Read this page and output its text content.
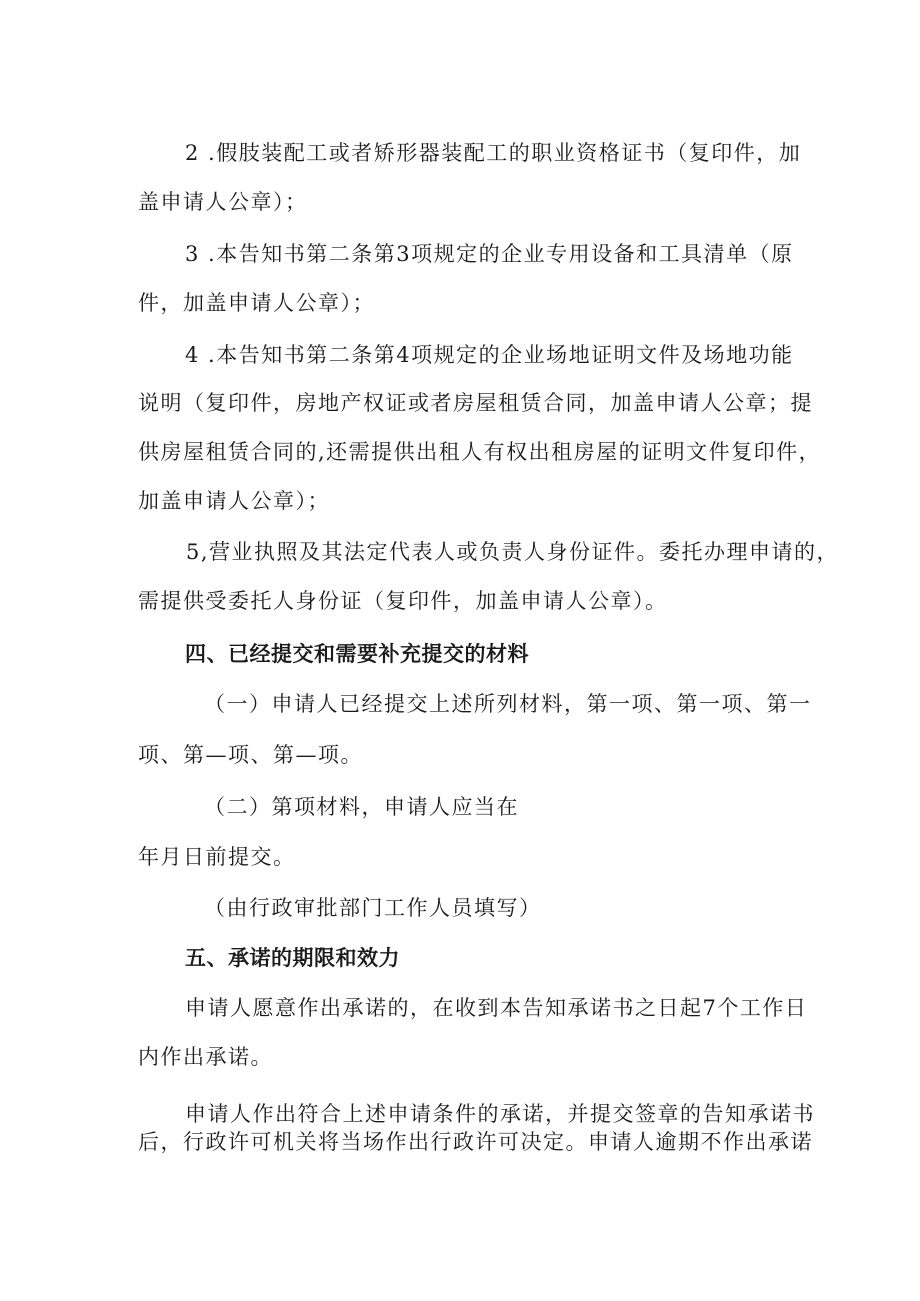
2 .假肢装配工或者矫形器装配工的职业资格证书（复印件，加
盖申请人公章）；
3 .本告知书第二条第3项规定的企业专用设备和工具清单（原
件，加盖申请人公章）；
4 .本告知书第二条第4项规定的企业场地证明文件及场地功能
说明（复印件，房地产权证或者房屋租赁合同，加盖申请人公章；提
供房屋租赁合同的,还需提供出租人有权出租房屋的证明文件复印件，
加盖申请人公章）；
5,营业执照及其法定代表人或负责人身份证件。委托办理申请的，
需提供受委托人身份证（复印件，加盖申请人公章）。
四、已经提交和需要补充提交的材料
（一）申请人已经提交上述所列材料，第一项、第一项、第一
项、第—项、第—项。
（二）第项材料，申请人应当在
年月日前提交。
（由行政审批部门工作人员填写）
五、承诺的期限和效力
申请人愿意作出承诺的，在收到本告知承诺书之日起7个工作日
内作出承诺。
申请人作出符合上述申请条件的承诺，并提交签章的告知承诺书
后，行政许可机关将当场作出行政许可决定。申请人逾期不作出承诺
